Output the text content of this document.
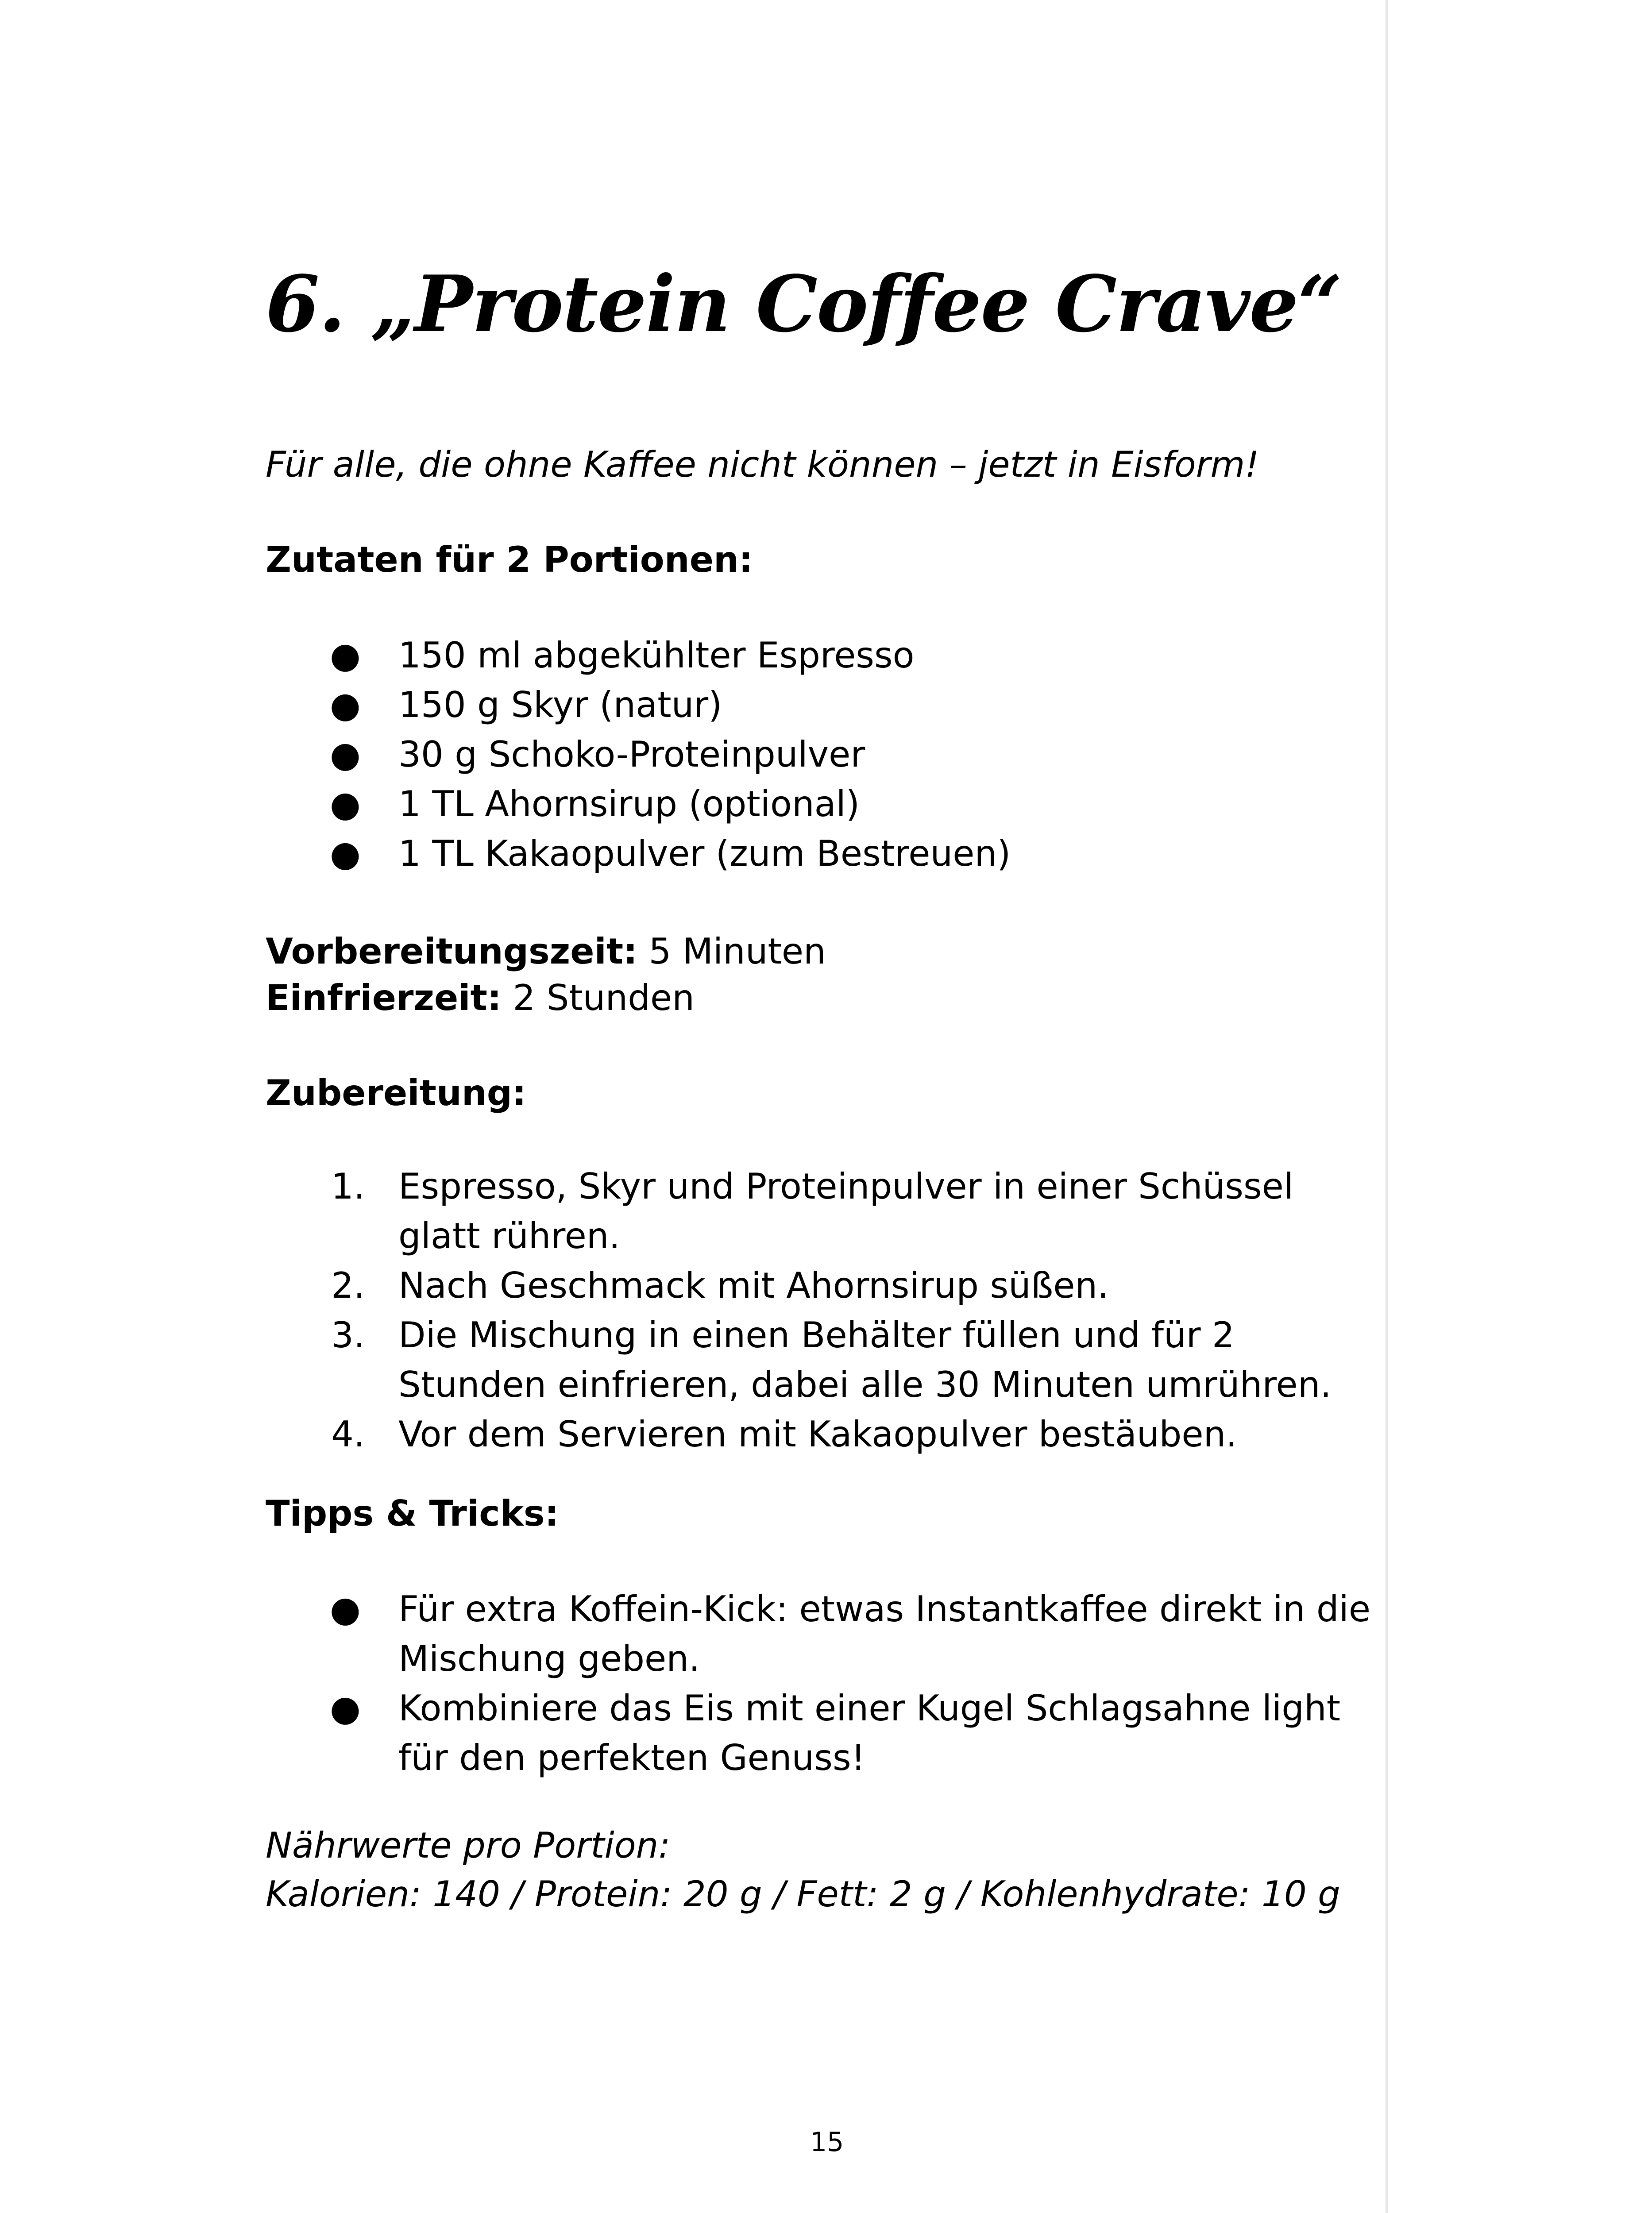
6. „Protein Coffee Crave“
Für alle, die ohne Kaffee nicht können – jetzt in Eisform!
Zutaten für 2 Portionen:
● 150 ml abgekühlter Espresso
● 150 g Skyr (natur)
● 30 g Schoko-Proteinpulver
● 1 TL Ahornsirup (optional)
● 1 TL Kakaopulver (zum Bestreuen)
Vorbereitungszeit: 5 Minuten
Einfrierzeit: 2 Stunden
Zubereitung:
1. Espresso, Skyr und Proteinpulver in einer Schüssel glatt rühren.
2. Nach Geschmack mit Ahornsirup süßen.
3. Die Mischung in einen Behälter füllen und für 2 Stunden einfrieren, dabei alle 30 Minuten umrühren.
4. Vor dem Servieren mit Kakaopulver bestäuben.
Tipps & Tricks:
● Für extra Koffein-Kick: etwas Instantkaffee direkt in die Mischung geben.
● Kombiniere das Eis mit einer Kugel Schlagsahne light für den perfekten Genuss!
Nährwerte pro Portion:
Kalorien: 140 / Protein: 20 g / Fett: 2 g / Kohlenhydrate: 10 g
15
